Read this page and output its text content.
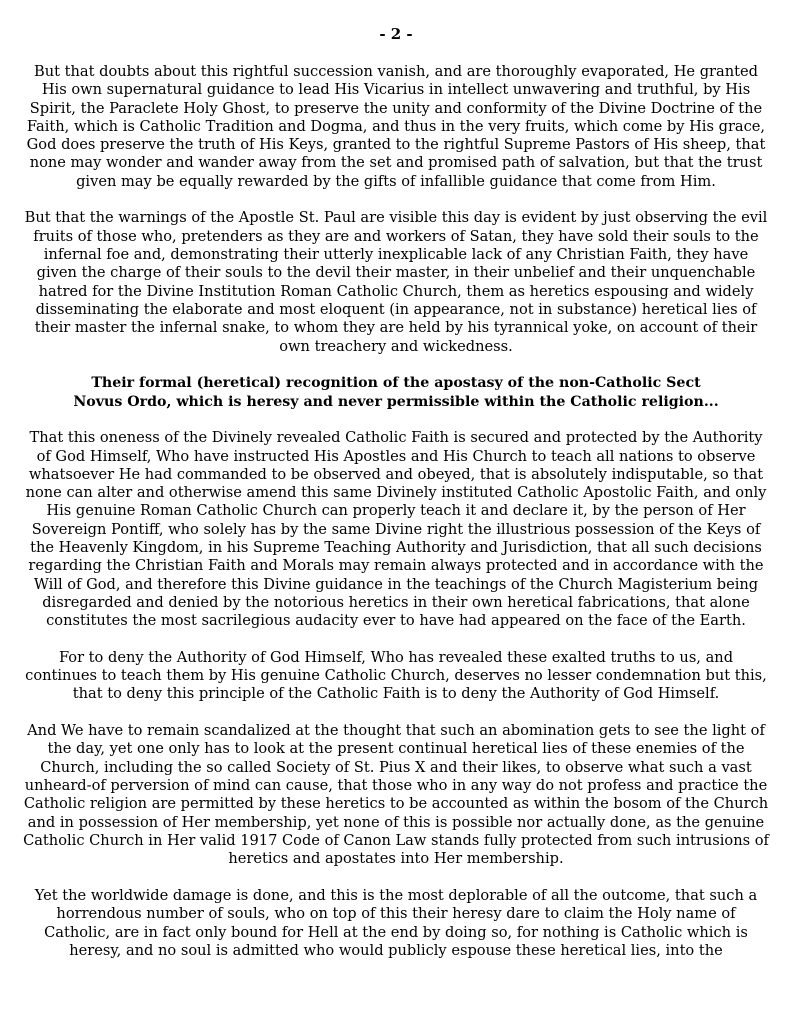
- 2 -

But that doubts about this rightful succession vanish, and are thoroughly evaporated, He granted His own supernatural guidance to lead His Vicarius in intellect unwavering and truthful, by His Spirit, the Paraclete Holy Ghost, to preserve the unity and conformity of the Divine Doctrine of the Faith, which is Catholic Tradition and Dogma, and thus in the very fruits, which come by His grace, God does preserve the truth of His Keys, granted to the rightful Supreme Pastors of His sheep, that none may wonder and wander away from the set and promised path of salvation, but that the trust given may be equally rewarded by the gifts of infallible guidance that come from Him.

But that the warnings of the Apostle St. Paul are visible this day is evident by just observing the evil fruits of those who, pretenders as they are and workers of Satan, they have sold their souls to the infernal foe and, demonstrating their utterly inexplicable lack of any Christian Faith, they have given the charge of their souls to the devil their master, in their unbelief and their unquenchable hatred for the Divine Institution Roman Catholic Church, them as heretics espousing and widely disseminating the elaborate and most eloquent (in appearance, not in substance) heretical lies of their master the infernal snake, to whom they are held by his tyrannical yoke, on account of their own treachery and wickedness.

Their formal (heretical) recognition of the apostasy of the non-Catholic Sect
Novus Ordo, which is heresy and never permissible within the Catholic religion...

That this oneness of the Divinely revealed Catholic Faith is secured and protected by the Authority of God Himself, Who have instructed His Apostles and His Church to teach all nations to observe whatsoever He had commanded to be observed and obeyed, that is absolutely indisputable, so that none can alter and otherwise amend this same Divinely instituted Catholic Apostolic Faith, and only His genuine Roman Catholic Church can properly teach it and declare it, by the person of Her Sovereign Pontiff, who solely has by the same Divine right the illustrious possession of the Keys of the Heavenly Kingdom, in his Supreme Teaching Authority and Jurisdiction, that all such decisions regarding the Christian Faith and Morals may remain always protected and in accordance with the Will of God, and therefore this Divine guidance in the teachings of the Church Magisterium being disregarded and denied by the notorious heretics in their own heretical fabrications, that alone constitutes the most sacrilegious audacity ever to have had appeared on the face of the Earth.

For to deny the Authority of God Himself, Who has revealed these exalted truths to us, and continues to teach them by His genuine Catholic Church, deserves no lesser condemnation but this, that to deny this principle of the Catholic Faith is to deny the Authority of God Himself.

And We have to remain scandalized at the thought that such an abomination gets to see the light of the day, yet one only has to look at the present continual heretical lies of these enemies of the Church, including the so called Society of St. Pius X and their likes, to observe what such a vast unheard-of perversion of mind can cause, that those who in any way do not profess and practice the Catholic religion are permitted by these heretics to be accounted as within the bosom of the Church and in possession of Her membership, yet none of this is possible nor actually done, as the genuine Catholic Church in Her valid 1917 Code of Canon Law stands fully protected from such intrusions of heretics and apostates into Her membership.

Yet the worldwide damage is done, and this is the most deplorable of all the outcome, that such a horrendous number of souls, who on top of this their heresy dare to claim the Holy name of Catholic, are in fact only bound for Hell at the end by doing so, for nothing is Catholic which is heresy, and no soul is admitted who would publicly espouse these heretical lies, into the
